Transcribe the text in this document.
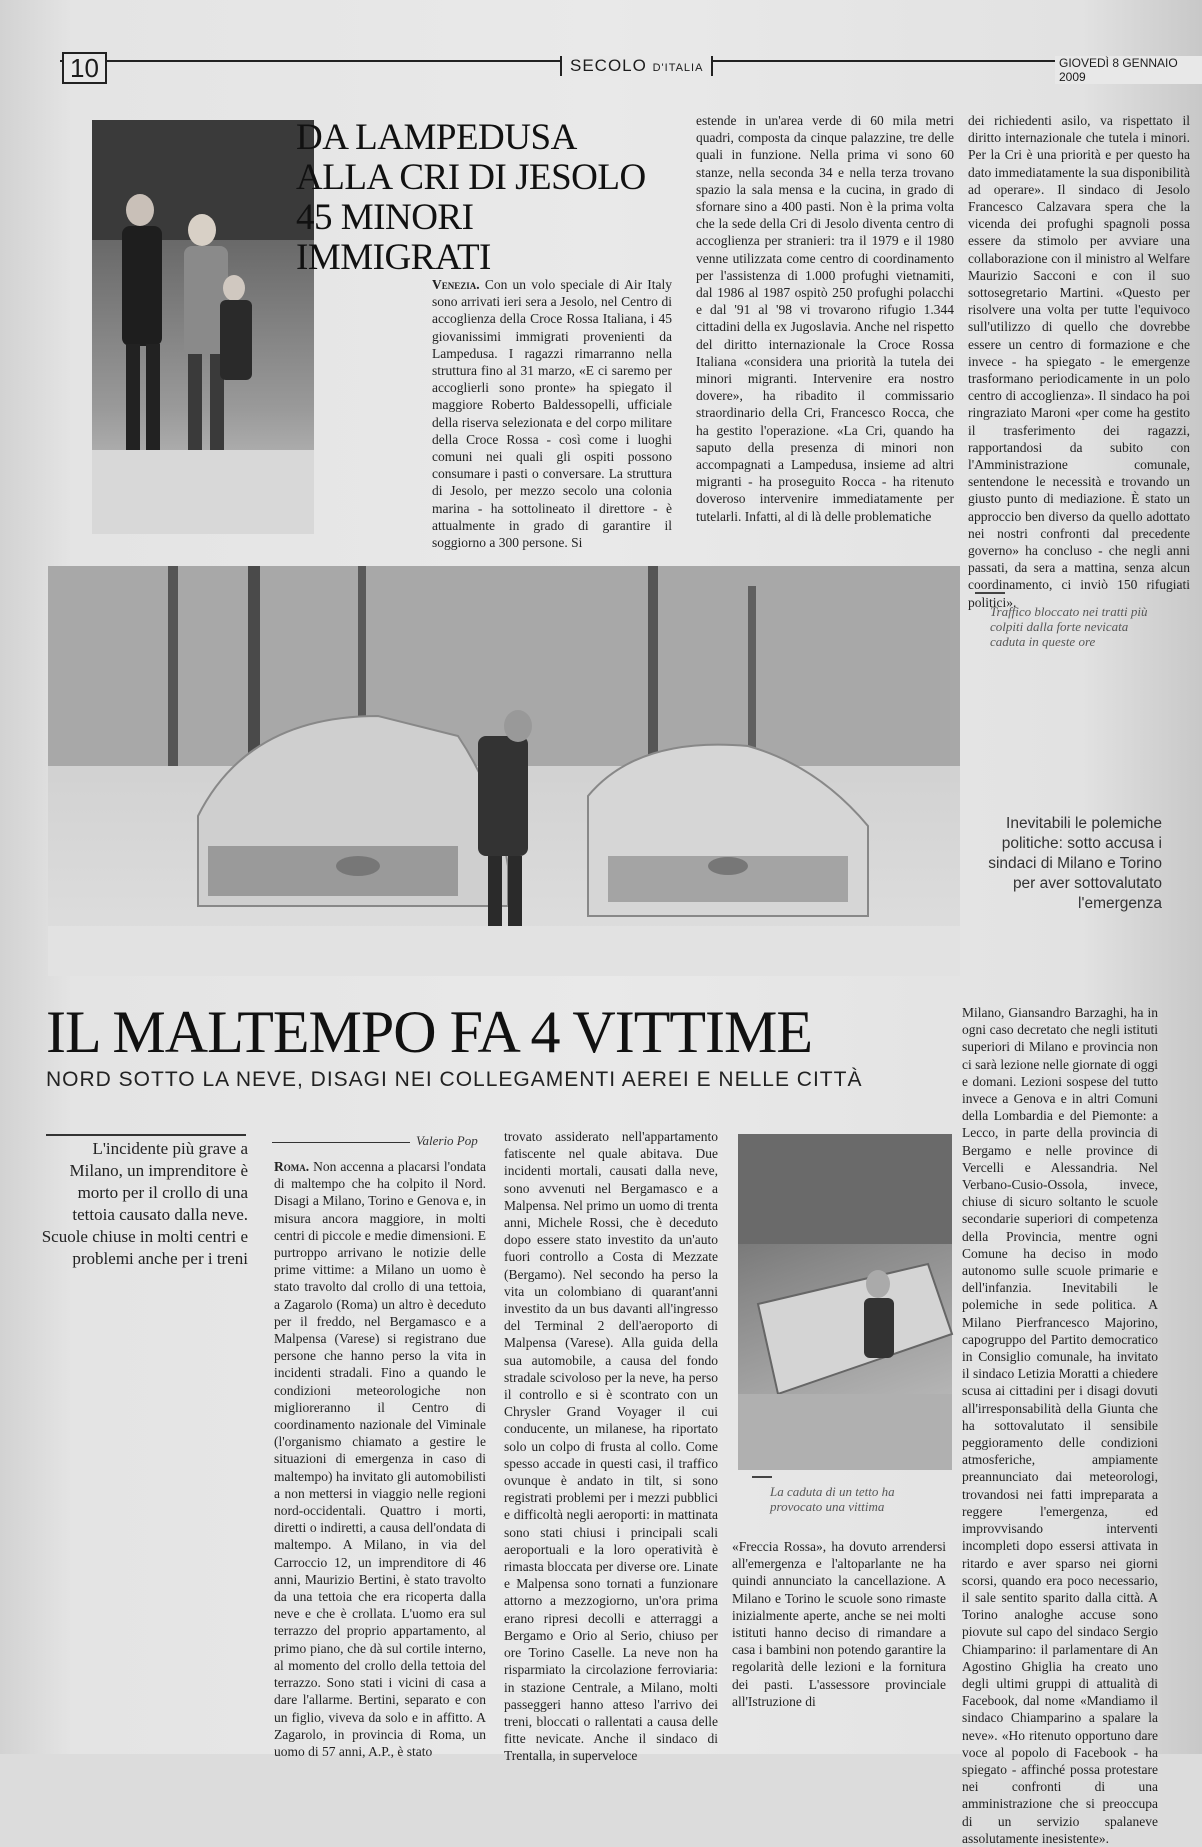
10	SECOLO D'ITALIA	GIOVEDÌ 8 GENNAIO 2009
DA LAMPEDUSA
ALLA CRI DI JESOLO
45 MINORI IMMIGRATI

Venezia. Con un volo speciale di Air Italy sono arrivati ieri sera a Jesolo, nel Centro di accoglienza della Croce Rossa Italiana, i 45 giovanissimi immigrati provenienti da Lampedusa. I ragazzi rimarranno nella struttura fino al 31 marzo, «E ci saremo per accoglierli sono pronte» ha spiegato il maggiore Roberto Baldessopelli, ufficiale della riserva selezionata e del corpo militare della Croce Rossa - così come i luoghi comuni nei quali gli ospiti possono consumare i pasti o conversare. La struttura di Jesolo, per mezzo secolo una colonia marina - ha sottolineato il direttore - è attualmente in grado di garantire il soggiorno a 300 persone. Si

estende in un'area verde di 60 mila metri quadri, composta da cinque palazzine, tre delle quali in funzione. Nella prima vi sono 60 stanze, nella seconda 34 e nella terza trovano spazio la sala mensa e la cucina, in grado di sfornare sino a 400 pasti. Non è la prima volta che la sede della Cri di Jesolo diventa centro di accoglienza per stranieri: tra il 1979 e il 1980 venne utilizzata come centro di coordinamento per l'assistenza di 1.000 profughi vietnamiti, dal 1986 al 1987 ospitò 250 profughi polacchi e dal '91 al '98 vi trovarono rifugio 1.344 cittadini della ex Jugoslavia. Anche nel rispetto del diritto internazionale la Croce Rossa Italiana «considera una priorità la tutela dei minori migranti. Intervenire era nostro dovere», ha ribadito il commissario straordinario della Cri, Francesco Rocca, che ha gestito l'operazione. «La Cri, quando ha saputo della presenza di minori non accompagnati a Lampedusa, insieme ad altri migranti - ha proseguito Rocca - ha ritenuto doveroso intervenire immediatamente per tutelarli. Infatti, al di là delle problematiche

dei richiedenti asilo, va rispettato il diritto internazionale che tutela i minori. Per la Cri è una priorità e per questo ha dato immediatamente la sua disponibilità ad operare». Il sindaco di Jesolo Francesco Calzavara spera che la vicenda dei profughi spagnoli possa essere da stimolo per avviare una collaborazione con il ministro al Welfare Maurizio Sacconi e con il suo sottosegretario Martini. «Questo per risolvere una volta per tutte l'equivoco sull'utilizzo di quello che dovrebbe essere un centro di formazione e che invece - ha spiegato - le emergenze trasformano periodicamente in un polo centro di accoglienza». Il sindaco ha poi ringraziato Maroni «per come ha gestito il trasferimento dei ragazzi, rapportandosi da subito con l'Amministrazione comunale, sentendone le necessità e trovando un giusto punto di mediazione. È stato un approccio ben diverso da quello adottato nei nostri confronti dal precedente governo» ha concluso - che negli anni passati, da sera a mattina, senza alcun coordinamento, ci inviò 150 rifugiati politici».

Traffico bloccato nei tratti più colpiti dalla forte nevicata caduta in queste ore
Inevitabili le polemiche politiche: sotto accusa i sindaci di Milano e Torino per aver sottovalutato l'emergenza
IL MALTEMPO FA 4 VITTIME
NORD SOTTO LA NEVE, DISAGI NEI COLLEGAMENTI AEREI E NELLE CITTÀ
L'incidente più grave a Milano, un imprenditore è morto per il crollo di una tettoia causato dalla neve. Scuole chiuse in molti centri e problemi anche per i treni
Valerio Pop

Roma. Non accenna a placarsi l'ondata di maltempo che ha colpito il Nord. Disagi a Milano, Torino e Genova e, in misura ancora maggiore, in molti centri di piccole e medie dimensioni. E purtroppo arrivano le notizie delle prime vittime: a Milano un uomo è stato travolto dal crollo di una tettoia, a Zagarolo (Roma) un altro è deceduto per il freddo, nel Bergamasco e a Malpensa (Varese) si registrano due persone che hanno perso la vita in incidenti stradali. Fino a quando le condizioni meteorologiche non miglioreranno il Centro di coordinamento nazionale del Viminale (l'organismo chiamato a gestire le situazioni di emergenza in caso di maltempo) ha invitato gli automobilisti a non mettersi in viaggio nelle regioni nord-occidentali. Quattro i morti, diretti o indiretti, a causa dell'ondata di maltempo. A Milano, in via del Carroccio 12, un imprenditore di 46 anni, Maurizio Bertini, è stato travolto da una tettoia che era ricoperta dalla neve e che è crollata. L'uomo era sul terrazzo del proprio appartamento, al primo piano, che dà sul cortile interno, al momento del crollo della tettoia del terrazzo. Sono stati i vicini di casa a dare l'allarme. Bertini, separato e con un figlio, viveva da solo e in affitto. A Zagarolo, in provincia di Roma, un uomo di 57 anni, A.P., è stato

trovato assiderato nell'appartamento fatiscente nel quale abitava. Due incidenti mortali, causati dalla neve, sono avvenuti nel Bergamasco e a Malpensa. Nel primo un uomo di trenta anni, Michele Rossi, che è deceduto dopo essere stato investito da un'auto fuori controllo a Costa di Mezzate (Bergamo). Nel secondo ha perso la vita un colombiano di quarant'anni investito da un bus davanti all'ingresso del Terminal 2 dell'aeroporto di Malpensa (Varese). Alla guida della sua automobile, a causa del fondo stradale scivoloso per la neve, ha perso il controllo e si è scontrato con un Chrysler Grand Voyager il cui conducente, un milanese, ha riportato solo un colpo di frusta al collo. Come spesso accade in questi casi, il traffico ovunque è andato in tilt, si sono registrati problemi per i mezzi pubblici e difficoltà negli aeroporti: in mattinata sono stati chiusi i principali scali aeroportuali e la loro operatività è rimasta bloccata per diverse ore. Linate e Malpensa sono tornati a funzionare attorno a mezzogiorno, un'ora prima erano ripresi decolli e atterraggi a Bergamo e Orio al Serio, chiuso per ore Torino Caselle. La neve non ha risparmiato la circolazione ferroviaria: in stazione Centrale, a Milano, molti passeggeri hanno atteso l'arrivo dei treni, bloccati o rallentati a causa delle fitte nevicate. Anche il sindaco di Trentalla, in superveloce

La caduta di un tetto ha provocato una vittima

«Freccia Rossa», ha dovuto arrendersi all'emergenza e l'altoparlante ne ha quindi annunciato la cancellazione. A Milano e Torino le scuole sono rimaste inizialmente aperte, anche se nei molti istituti hanno deciso di rimandare a casa i bambini non potendo garantire la regolarità delle lezioni e la fornitura dei pasti. L'assessore provinciale all'Istruzione di

Milano, Giansandro Barzaghi, ha in ogni caso decretato che negli istituti superiori di Milano e provincia non ci sarà lezione nelle giornate di oggi e domani. Lezioni sospese del tutto invece a Genova e in altri Comuni della Lombardia e del Piemonte: a Lecco, in parte della provincia di Bergamo e nelle province di Vercelli e Alessandria. Nel Verbano-Cusio-Ossola, invece, chiuse di sicuro soltanto le scuole secondarie superiori di competenza della Provincia, mentre ogni Comune ha deciso in modo autonomo sulle scuole primarie e dell'infanzia. Inevitabili le polemiche in sede politica. A Milano Pierfrancesco Majorino, capogruppo del Partito democratico in Consiglio comunale, ha invitato il sindaco Letizia Moratti a chiedere scusa ai cittadini per i disagi dovuti all'irresponsabilità della Giunta che ha sottovalutato il sensibile peggioramento delle condizioni atmosferiche, ampiamente preannunciato dai meteorologi, trovandosi nei fatti impreparata a reggere l'emergenza, ed improvvisando interventi incompleti dopo essersi attivata in ritardo e aver sparso nei giorni scorsi, quando era poco necessario, il sale sentito sparito dalla città. A Torino analoghe accuse sono piovute sul capo del sindaco Sergio Chiamparino: il parlamentare di An Agostino Ghiglia ha creato uno degli ultimi gruppi di attualità di Facebook, dal nome «Mandiamo il sindaco Chiamparino a spalare la neve». «Ho ritenuto opportuno dare voce al popolo di Facebook - ha spiegato - affinché possa protestare nei confronti di una amministrazione che si preoccupa di un servizio spalaneve assolutamente inesistente».
